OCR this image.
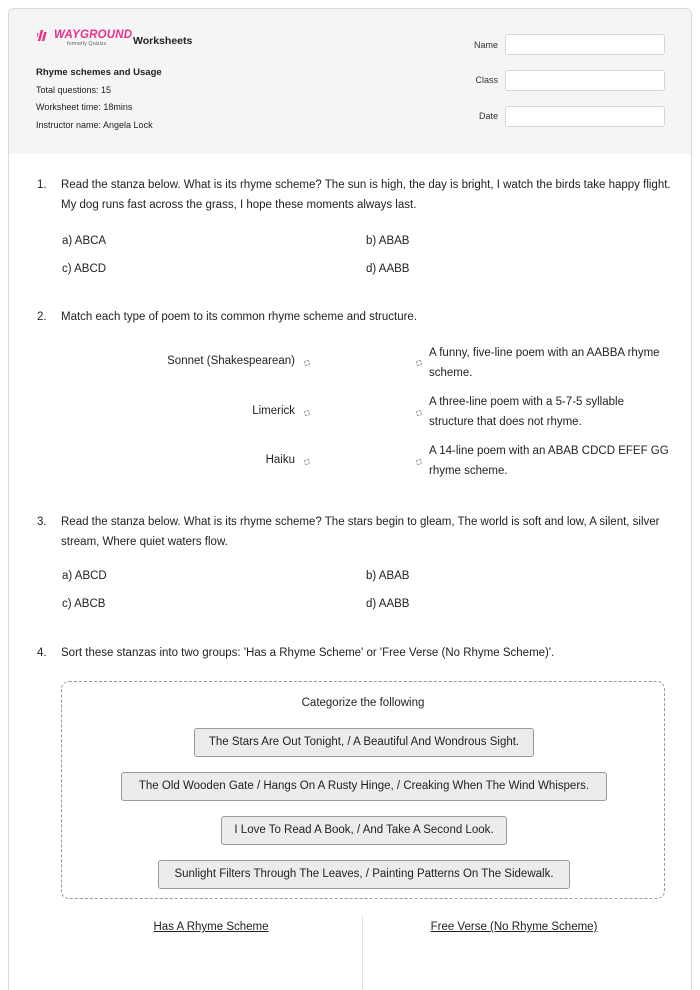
WAYGROUND
formerly Quizizz	Worksheets
Rhyme schemes and Usage
Total questions: 15
Worksheet time: 18mins
Instructor name: Angela Lock
Name
Class
Date
1. Read the stanza below. What is its rhyme scheme? The sun is high, the day is bright, I watch the birds take happy flight. My dog runs fast across the grass, I hope these moments always last.
a) ABCA	b) ABAB
c) ABCD	d) AABB
2. Match each type of poem to its common rhyme scheme and structure.
Sonnet (Shakespearean)
A funny, five-line poem with an AABBA rhyme scheme.
Limerick
A three-line poem with a 5-7-5 syllable structure that does not rhyme.
Haiku
A 14-line poem with an ABAB CDCD EFEF GG rhyme scheme.
3. Read the stanza below. What is its rhyme scheme? The stars begin to gleam, The world is soft and low, A silent, silver stream, Where quiet waters flow.
a) ABCD	b) ABAB
c) ABCB	d) AABB
4. Sort these stanzas into two groups: 'Has a Rhyme Scheme' or 'Free Verse (No Rhyme Scheme)'.
Categorize the following
The Stars Are Out Tonight, / A Beautiful And Wondrous Sight.
The Old Wooden Gate / Hangs On A Rusty Hinge, / Creaking When The Wind Whispers.
I Love To Read A Book, / And Take A Second Look.
Sunlight Filters Through The Leaves, / Painting Patterns On The Sidewalk.
Has A Rhyme Scheme	Free Verse (No Rhyme Scheme)
